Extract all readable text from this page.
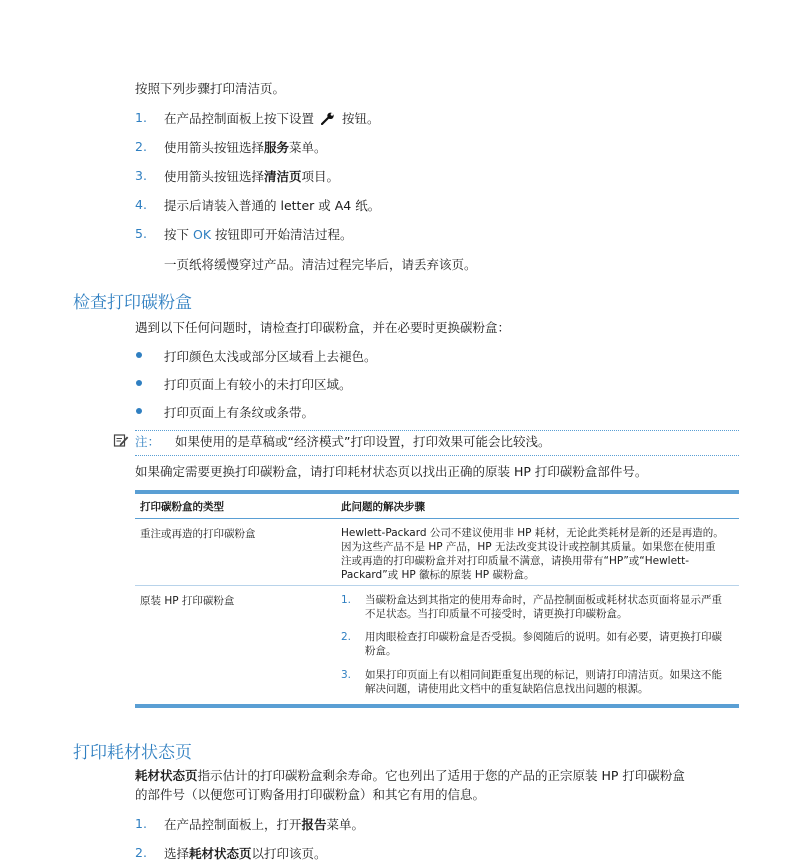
按照下列步骤打印清洁页。
1. 在产品控制面板上按下设置 按钮。
2. 使用箭头按钮选择服务菜单。
3. 使用箭头按钮选择清洁页项目。
4. 提示后请装入普通的 letter 或 A4 纸。
5. 按下 OK 按钮即可开始清洁过程。
一页纸将缓慢穿过产品。清洁过程完毕后，请丢弃该页。
检查打印碳粉盒
遇到以下任何问题时，请检查打印碳粉盒，并在必要时更换碳粉盒：
打印颜色太浅或部分区域看上去褪色。
打印页面上有较小的未打印区域。
打印页面上有条纹或条带。
注： 如果使用的是草稿或“经济模式”打印设置，打印效果可能会比较浅。
如果确定需要更换打印碳粉盒，请打印耗材状态页以找出正确的原装 HP 打印碳粉盒部件号。
打印碳粉盒的类型	此问题的解决步骤
重注或再造的打印碳粉盒	Hewlett-Packard 公司不建议使用非 HP 耗材，无论此类耗材是新的还是再造的。
因为这些产品不是 HP 产品，HP 无法改变其设计或控制其质量。如果您在使用重
注或再造的打印碳粉盒并对打印质量不满意，请换用带有“HP”或“Hewlett-
Packard”或 HP 徽标的原装 HP 碳粉盒。
原装 HP 打印碳粉盒	1. 当碳粉盒达到其指定的使用寿命时，产品控制面板或耗材状态页面将显示严重
不足状态。当打印质量不可接受时，请更换打印碳粉盒。
2. 用肉眼检查打印碳粉盒是否受损。参阅随后的说明。如有必要，请更换打印碳
粉盒。
3. 如果打印页面上有以相同间距重复出现的标记，则请打印清洁页。如果这不能
解决问题，请使用此文档中的重复缺陷信息找出问题的根源。
打印耗材状态页
耗材状态页指示估计的打印碳粉盒剩余寿命。它也列出了适用于您的产品的正宗原装 HP 打印碳粉盒
的部件号（以便您可订购备用打印碳粉盒）和其它有用的信息。
1. 在产品控制面板上，打开报告菜单。
2. 选择耗材状态页以打印该页。
